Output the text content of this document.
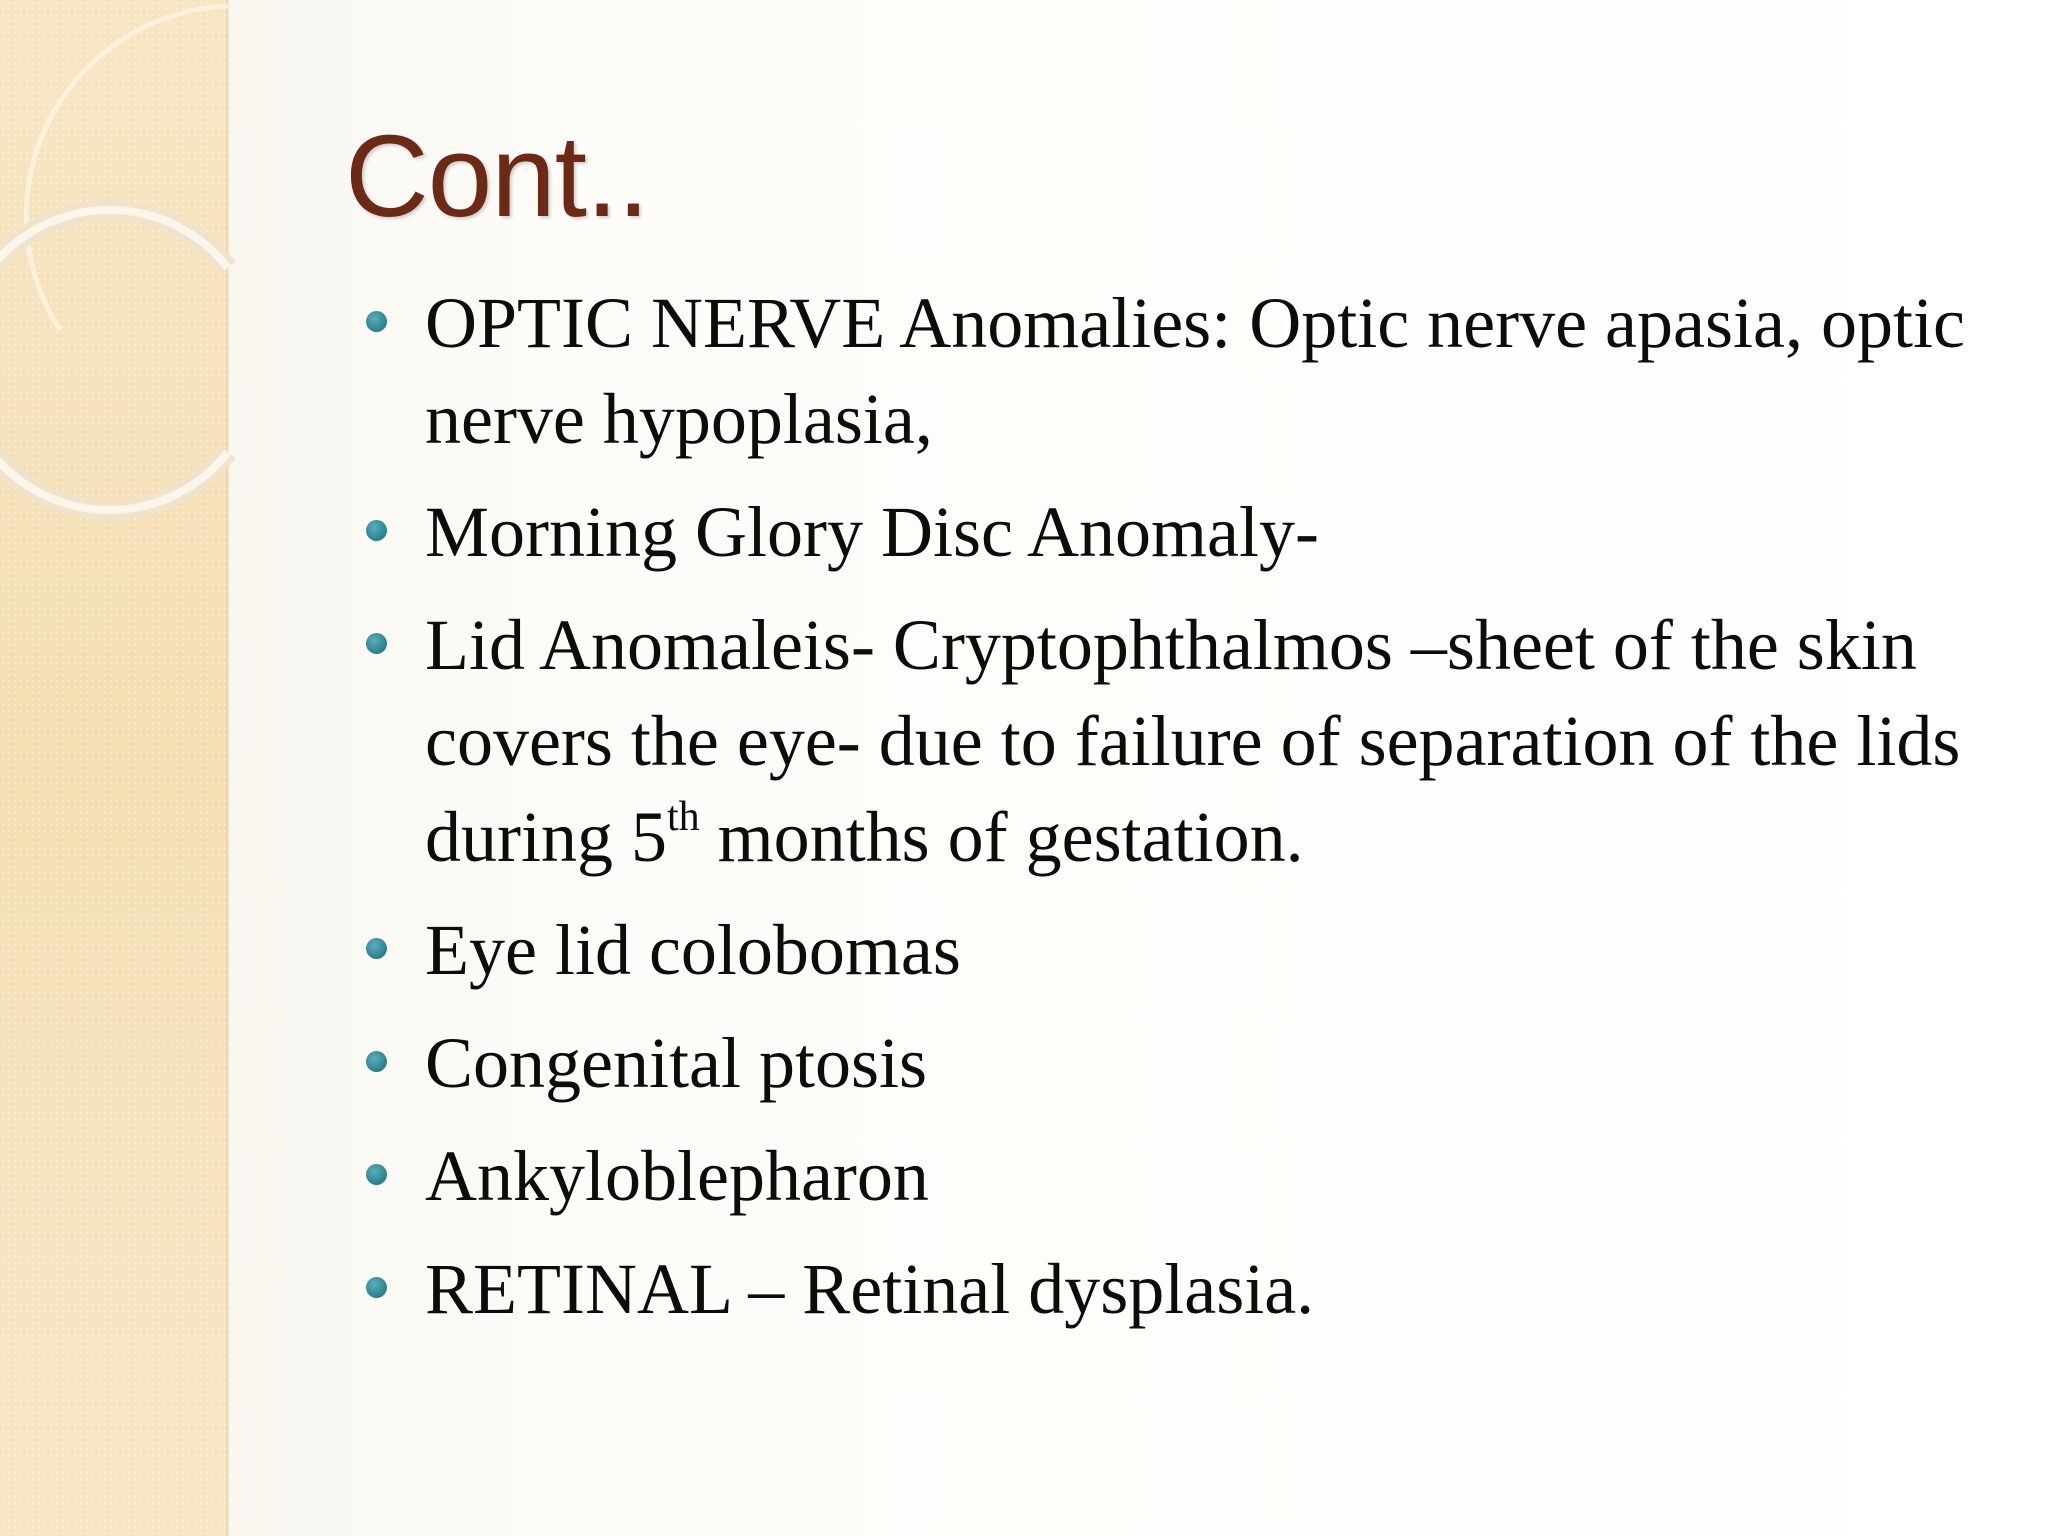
Cont..
OPTIC NERVE Anomalies: Optic nerve apasia, optic nerve hypoplasia,
Morning Glory Disc Anomaly-
Lid Anomaleis- Cryptophthalmos –sheet of the skin covers the eye- due to failure of separation of the lids during 5th months of gestation.
Eye lid colobomas
Congenital ptosis
Ankyloblepharon
RETINAL – Retinal dysplasia.
